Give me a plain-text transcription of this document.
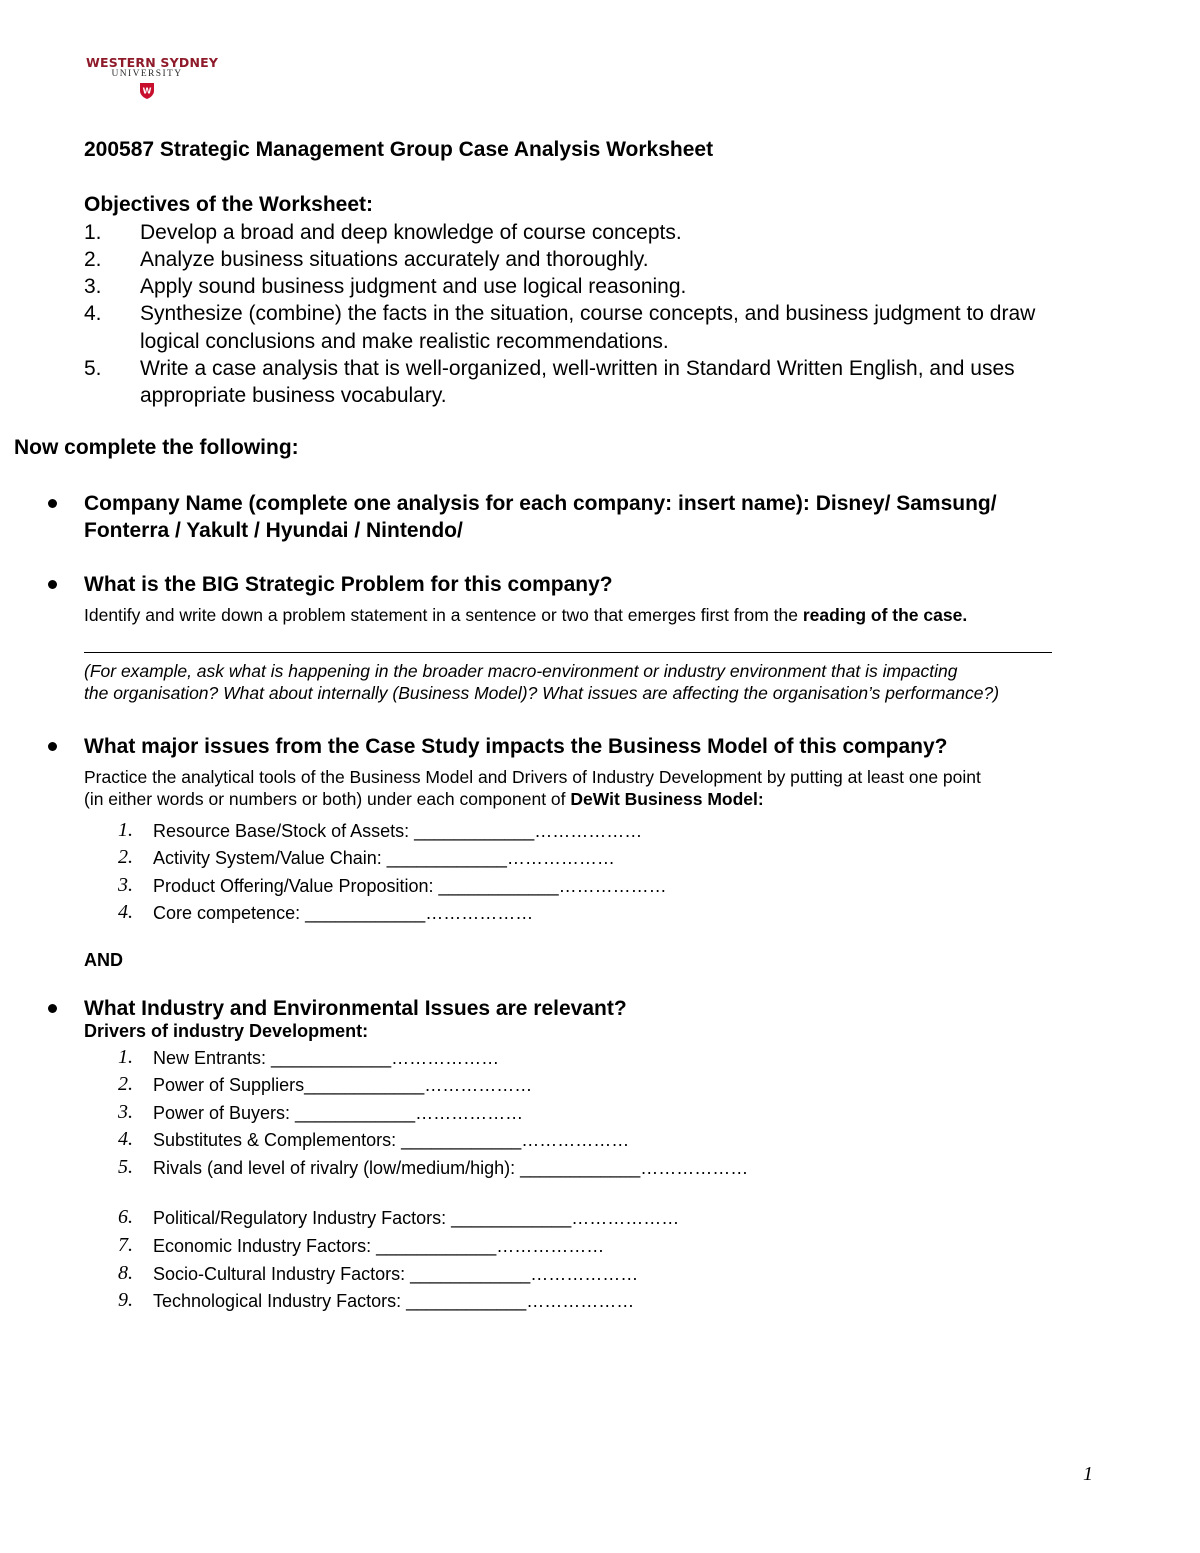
WESTERN SYDNEY
UNIVERSITY
W
200587 Strategic Management Group Case Analysis Worksheet
Objectives of the Worksheet:
1. Develop a broad and deep knowledge of course concepts.
2. Analyze business situations accurately and thoroughly.
3. Apply sound business judgment and use logical reasoning.
4. Synthesize (combine) the facts in the situation, course concepts, and business judgment to draw
logical conclusions and make realistic recommendations.
5. Write a case analysis that is well-organized, well-written in Standard Written English, and uses
appropriate business vocabulary.
Now complete the following:
Company Name (complete one analysis for each company: insert name): Disney/ Samsung/
Fonterra / Yakult / Hyundai / Nintendo/
What is the BIG Strategic Problem for this company?
Identify and write down a problem statement in a sentence or two that emerges first from the reading of the case.
(For example, ask what is happening in the broader macro-environment or industry environment that is impacting
the organisation? What about internally (Business Model)? What issues are affecting the organisation’s performance?)
What major issues from the Case Study impacts the Business Model of this company?
Practice the analytical tools of the Business Model and Drivers of Industry Development by putting at least one point
(in either words or numbers or both) under each component of DeWit Business Model:
1. Resource Base/Stock of Assets: ____________………………
2. Activity System/Value Chain: ____________………………
3. Product Offering/Value Proposition: ____________………………
4. Core competence: ____________………………
AND
What Industry and Environmental Issues are relevant?
Drivers of industry Development:
1. New Entrants: ____________………………
2. Power of Suppliers____________………………
3. Power of Buyers: ____________………………
4. Substitutes & Complementors: ____________………………
5. Rivals (and level of rivalry (low/medium/high): ____________………………
6. Political/Regulatory Industry Factors: ____________………………
7. Economic Industry Factors: ____________………………
8. Socio-Cultural Industry Factors: ____________………………
9. Technological Industry Factors: ____________………………
1
